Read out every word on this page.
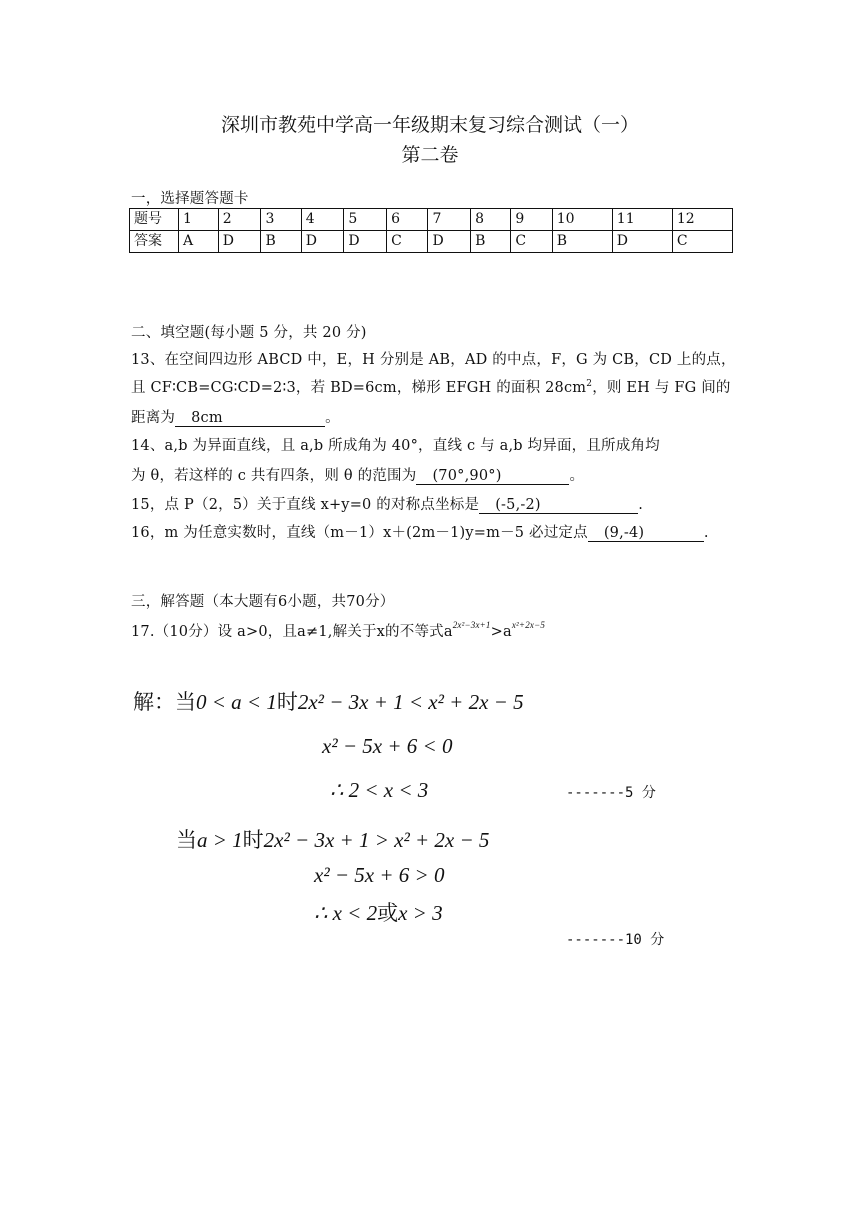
深圳市教苑中学高一年级期末复习综合测试（一）
第二卷
一，选择题答题卡
题号	1	2	3	4	5	6	7	8	9	10	11	12
答案	A	D	B	D	D	C	D	B	C	B	D	C
二、填空题(每小题 5 分，共 20 分)
13、在空间四边形 ABCD 中，E，H 分别是 AB，AD 的中点，F，G 为 CB，CD 上的点，
且 CF∶CB=CG∶CD=2∶3，若 BD=6cm，梯形 EFGH 的面积 $28cm^2$，则 EH 与 FG 间的
距离为 8cm	。
14、a,b 为异面直线，且 a,b 所成角为 40°，直线 c 与 a,b 均异面，且所成角均
为 θ，若这样的 c 共有四条，则 θ 的范围为 (70°,90°)	。
15，点 P（2，5）关于直线 x+y=0 的对称点坐标是 (-5,-2)	.
16，m 为任意实数时，直线（m－1）x＋(2m－1)y=m－5 必过定点 (9,-4)	.
三，解答题（本大题有6小题，共70分）
17.（10分）设 a>0，且a≠1,解关于x的不等式$a^{2x^2-3x+1}>a^{x^2+2x-5}$
解：当0 < a < 1时2x² − 3x + 1 < x² + 2x − 5
x² − 5x + 6 < 0
∴ 2 < x < 3	-------5 分
当a > 1时2x² − 3x + 1 > x² + 2x − 5
x² − 5x + 6 > 0
∴ x < 2或x > 3
-------10 分
